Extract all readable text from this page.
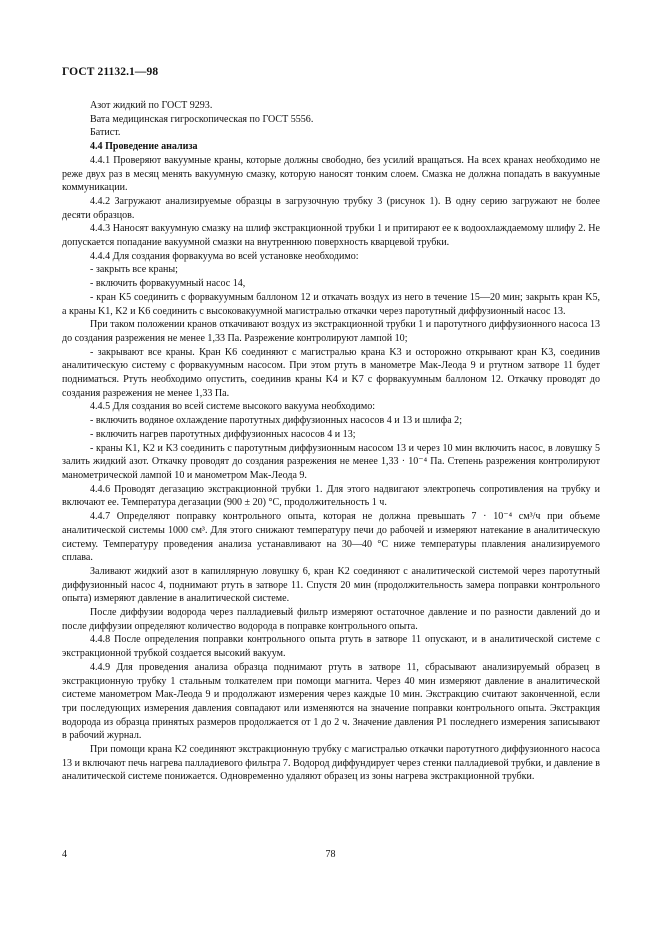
ГОСТ 21132.1—98

Азот жидкий по ГОСТ 9293.

Вата медицинская гигроскопическая по ГОСТ 5556.

Батист.

4.4 Проведение анализа

4.4.1 Проверяют вакуумные краны, которые должны свободно, без усилий вращаться. На всех кранах необходимо не реже двух раз в месяц менять вакуумную смазку, которую наносят тонким слоем. Смазка не должна попадать в вакуумные коммуникации.

4.4.2 Загружают анализируемые образцы в загрузочную трубку 3 (рисунок 1). В одну серию загружают не более десяти образцов.

4.4.3 Наносят вакуумную смазку на шлиф экстракционной трубки 1 и притирают ее к водоохлаждаемому шлифу 2. Не допускается попадание вакуумной смазки на внутреннюю поверхность кварцевой трубки.

4.4.4 Для создания форвакуума во всей установке необходимо:

- закрыть все краны;

- включить форвакуумный насос 14,

- кран K5 соединить с форвакуумным баллоном 12 и откачать воздух из него в течение 15—20 мин; закрыть кран K5, а краны K1, K2 и K6 соединить с высоковакуумной магистралью откачки через паротутный диффузионный насос 13.

При таком положении кранов откачивают воздух из экстракционной трубки 1 и паротутного диффузионного насоса 13 до создания разрежения не менее 1,33 Па. Разрежение контролируют лампой 10;

- закрывают все краны. Кран K6 соединяют с магистралью крана K3 и осторожно открывают кран K3, соединив аналитическую систему с форвакуумным насосом. При этом ртуть в манометре Мак-Леода 9 и ртутном затворе 11 будет подниматься. Ртуть необходимо опустить, соединив краны K4 и K7 с форвакуумным баллоном 12. Откачку проводят до создания разрежения не менее 1,33 Па.

4.4.5 Для создания во всей системе высокого вакуума необходимо:

- включить водяное охлаждение паротутных диффузионных насосов 4 и 13 и шлифа 2;

- включить нагрев паротутных диффузионных насосов 4 и 13;

- краны K1, K2 и K3 соединить с паротутным диффузионным насосом 13 и через 10 мин включить насос, в ловушку 5 залить жидкий азот. Откачку проводят до создания разрежения не менее 1,33 · 10⁻⁴ Па. Степень разрежения контролируют манометрической лампой 10 и манометром Мак-Леода 9.

4.4.6 Проводят дегазацию экстракционной трубки 1. Для этого надвигают электропечь сопротивления на трубку и включают ее. Температура дегазации (900 ± 20) °С, продолжительность 1 ч.

4.4.7 Определяют поправку контрольного опыта, которая не должна превышать 7 · 10⁻⁴ см³/ч при объеме аналитической системы 1000 см³. Для этого снижают температуру печи до рабочей и измеряют натекание в аналитическую систему. Температуру проведения анализа устанавливают на 30—40 °С ниже температуры плавления анализируемого сплава.

Заливают жидкий азот в капиллярную ловушку 6, кран K2 соединяют с аналитической системой через паротутный диффузионный насос 4, поднимают ртуть в затворе 11. Спустя 20 мин (продолжительность замера поправки контрольного опыта) измеряют давление в аналитической системе.

После диффузии водорода через палладиевый фильтр измеряют остаточное давление и по разности давлений до и после диффузии определяют количество водорода в поправке контрольного опыта.

4.4.8 После определения поправки контрольного опыта ртуть в затворе 11 опускают, и в аналитической системе с экстракционной трубкой создается высокий вакуум.

4.4.9 Для проведения анализа образца поднимают ртуть в затворе 11, сбрасывают анализируемый образец в экстракционную трубку 1 стальным толкателем при помощи магнита. Через 40 мин измеряют давление в аналитической системе манометром Мак-Леода 9 и продолжают измерения через каждые 10 мин. Экстракцию считают законченной, если три последующих измерения давления совпадают или изменяются на значение поправки контрольного опыта. Экстракция водорода из образца принятых размеров продолжается от 1 до 2 ч. Значение давления P1 последнего измерения записывают в рабочий журнал.

При помощи крана K2 соединяют экстракционную трубку с магистралью откачки паротутного диффузионного насоса 13 и включают печь нагрева палладиевого фильтра 7. Водород диффундирует через стенки палладиевой трубки, и давление в аналитической системе понижается. Одновременно удаляют образец из зоны нагрева экстракционной трубки.

4	78
